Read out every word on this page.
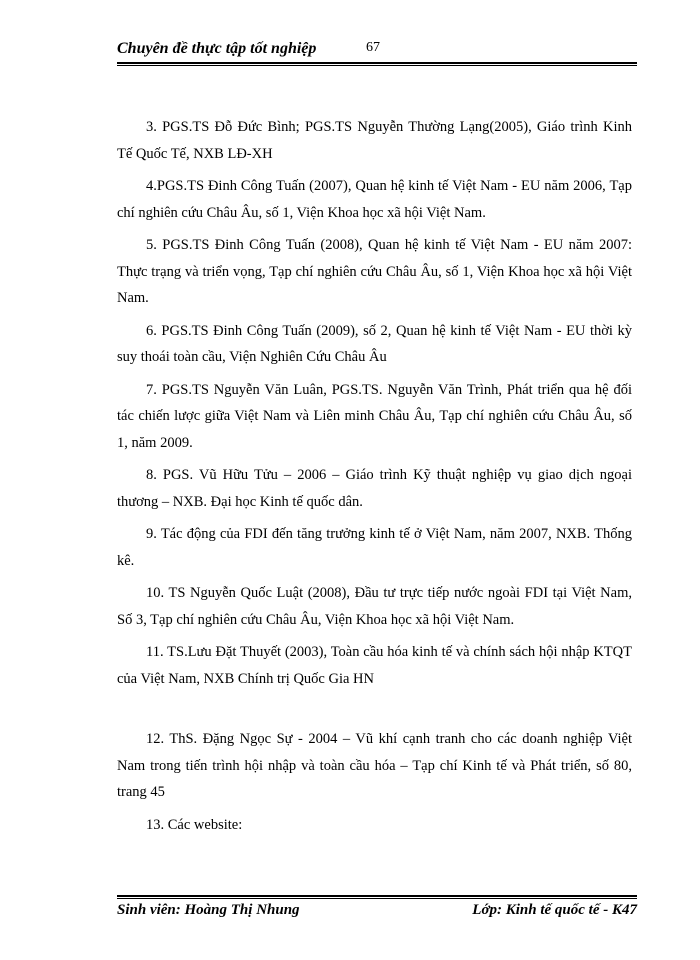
Chuyên đề thực tập tốt nghiệp	67

3. PGS.TS Đỗ Đức Bình; PGS.TS Nguyễn Thường Lạng(2005), Giáo trình Kinh Tế Quốc Tế, NXB LĐ-XH

4.PGS.TS Đinh Công Tuấn (2007), Quan hệ kinh tế Việt Nam - EU năm 2006, Tạp chí nghiên cứu Châu Âu, số 1, Viện Khoa học xã hội Việt Nam.

5. PGS.TS Đinh Công Tuấn (2008), Quan hệ kinh tế Việt Nam - EU năm 2007: Thực trạng và triển vọng, Tạp chí nghiên cứu Châu Âu, số 1, Viện Khoa học xã hội Việt Nam.

6. PGS.TS Đinh Công Tuấn (2009), số 2, Quan hệ kinh tế Việt Nam - EU thời kỳ suy thoái toàn cầu, Viện Nghiên Cứu Châu Âu

7. PGS.TS Nguyễn Văn Luân, PGS.TS. Nguyễn Văn Trình, Phát triển qua hệ đối tác chiến lược giữa Việt Nam và Liên minh Châu Âu, Tạp chí nghiên cứu Châu Âu, số 1, năm 2009.

8. PGS. Vũ Hữu Tửu – 2006 – Giáo trình Kỹ thuật nghiệp vụ giao dịch ngoại thương – NXB. Đại học Kinh tế quốc dân.

9. Tác động của FDI đến tăng trưởng kinh tế ở Việt Nam, năm 2007, NXB. Thống kê.

10. TS Nguyễn Quốc Luật (2008), Đầu tư trực tiếp nước ngoài FDI tại Việt Nam, Số 3, Tạp chí nghiên cứu Châu Âu, Viện Khoa học xã hội Việt Nam.

11. TS.Lưu Đặt Thuyết (2003), Toàn cầu hóa kinh tế và chính sách hội nhập KTQT của Việt Nam, NXB Chính trị Quốc Gia HN

12. ThS. Đặng Ngọc Sự - 2004 – Vũ khí cạnh tranh cho các doanh nghiệp Việt Nam trong tiến trình hội nhập và toàn cầu hóa – Tạp chí Kinh tế và Phát triển, số 80, trang 45

13. Các website:

Sinh viên: Hoàng Thị Nhung	Lớp: Kinh tế quốc tế - K47
